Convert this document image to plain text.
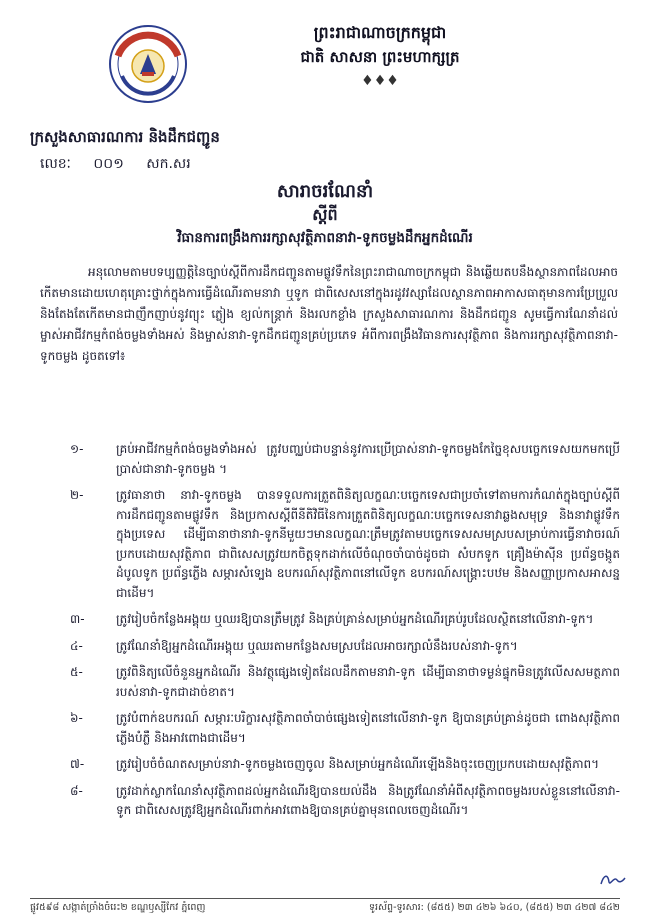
ព្រះរាជាណាចក្រកម្ពុជា
ជាតិ សាសនា ព្រះមហាក្សត្រ
♦♦♦
ក្រសួងសាធារណការ និងដឹកជញ្ជូន
លេខៈ ០០១ សក.សរ
សារាចរណែនាំ
ស្តីពី
វិធានការពង្រឹងការរក្សាសុវត្ថិភាពនាវា-ទូកចម្លងដឹកអ្នកដំណើរ
អនុលោមតាមបទប្បញ្ញត្តិនៃច្បាប់ស្តីពីការដឹកជញ្ជូនតាមផ្លូវទឹកនៃព្រះរាជាណាចក្រកម្ពុជា និងឆ្លើយតបនឹងស្ថានភាពដែលអាចកើតមានដោយហេតុគ្រោះថ្នាក់ក្នុងការធ្វើដំណើរតាមនាវា ឬទូក ជាពិសេសនៅក្នុងរដូវវស្សាដែលស្ថានភាពអាកាសធាតុមានការប្រែប្រួល និងតែងតែកើតមានជាញឹកញាប់នូវព្យុះ ភ្លៀង ខ្យល់កន្ត្រាក់ និងរលកខ្លាំង ក្រសួងសាធារណការ និងដឹកជញ្ជូន សូមធ្វើការណែនាំដល់ម្ចាស់អាជីវកម្មកំពង់ចម្លងទាំងអស់ និងម្ចាស់នាវា-ទូកដឹកជញ្ជូនគ្រប់ប្រភេទ អំពីការពង្រឹងវិធានការសុវត្ថិភាព និងការរក្សាសុវត្ថិភាពនាវា-ទូកចម្លង ដូចតទៅ៖
១-	គ្រប់អាជីវកម្មកំពង់ចម្លងទាំងអស់ ត្រូវបញ្ឈប់ជាបន្ទាន់នូវការប្រើប្រាស់នាវា-ទូកចម្លងកែច្នៃខុសបច្ចេកទេសយកមកប្រើប្រាស់ជានាវា-ទូកចម្លង ។
២-	ត្រូវធានាថា នាវា-ទូកចម្លង បានទទួលការត្រួតពិនិត្យលក្ខណៈបច្ចេកទេសជាប្រចាំទៅតាមការកំណត់ក្នុងច្បាប់ស្តីពីការដឹកជញ្ជូនតាមផ្លូវទឹក និងប្រកាសស្តីពីនីតិវិធីនៃការត្រួតពិនិត្យលក្ខណៈបច្ចេកទេសនាវាឆ្លងសមុទ្រ និងនាវាផ្លូវទឹកក្នុងប្រទេស ដើម្បីធានាថានាវា-ទូកនីមួយៗមានលក្ខណៈត្រឹមត្រូវតាមបច្ចេកទេសសមស្របសម្រាប់ការធ្វើនាវាចរណ៍ប្រកបដោយសុវត្ថិភាព ជាពិសេសត្រូវយកចិត្តទុកដាក់លើចំណុចចាំបាច់ដូចជា សំបកទូក គ្រឿងម៉ាស៊ីន ប្រព័ន្ធចង្កូត ដំបូលទូក ប្រព័ន្ធភ្លើង សម្ភារសំទ្បេង ឧបករណ៍សុវត្ថិភាពនៅលើទូក ឧបករណ៍សង្គ្រោះបឋម និងសញ្ញាប្រកាសអាសន្នជាដើម។
៣-	ត្រូវរៀបចំកន្លែងអង្គុយ ឬឈរឱ្យបានត្រឹមត្រូវ និងគ្រប់គ្រាន់សម្រាប់អ្នកដំណើរគ្រប់រូបដែលស្ថិតនៅលើនាវា-ទូក។
៤-	ត្រូវណែនាំឱ្យអ្នកដំណើរអង្គុយ ឬឈរតាមកន្លែងសមស្របដែលអាចរក្សាលំនឹងរបស់នាវា-ទូក។
៥-	ត្រូវពិនិត្យលើចំនួនអ្នកដំណើរ និងវត្ថុផ្សេងទៀតដែលដឹកតាមនាវា-ទូក ដើម្បីធានាថាទម្ងន់ផ្ទុកមិនត្រូវលើសសមត្ថភាពរបស់នាវា-ទូកជាដាច់ខាត។
៦-	ត្រូវបំពាក់ឧបករណ៍ សម្ភារៈបរិក្ខារសុវត្ថិភាពចាំបាច់ផ្សេងទៀតនៅលើនាវា-ទូក ឱ្យបានគ្រប់គ្រាន់ដូចជា ពោងសុវត្ថិភាព ភ្លើងបំភ្លឺ និងអាវពោងជាដើម។
៧-	ត្រូវរៀបចំចំណតសម្រាប់នាវា-ទូកចម្លងចេញចូល និងសម្រាប់អ្នកដំណើរឡើងនិងចុះចេញប្រកបដោយសុវត្ថិភាព។
៨-	ត្រូវដាក់ស្លាកណែនាំសុវត្ថិភាពដល់អ្នកដំណើរឱ្យបានយល់ដឹង និងត្រូវណែនាំអំពីសុវត្ថិភាពចម្លងរបស់ខ្លួននៅលើនាវា-ទូក ជាពិសេសត្រូវឱ្យអ្នកដំណើរពាក់អាវពោងឱ្យបានគ្រប់គ្នាមុនពេលចេញដំណើរ។
ផ្លូវ៥៩៨ សង្កាត់ច្រាំងចំរេះ២ ខណ្ឌឫស្សីកែវ ភ្នំពេញ	ទូរស័ព្ទ-ទូរសារ: (៨៥៥) ២៣ ៤២៦ ៦៤០, (៨៥៥) ២៣ ៤២៧ ៨៤២
